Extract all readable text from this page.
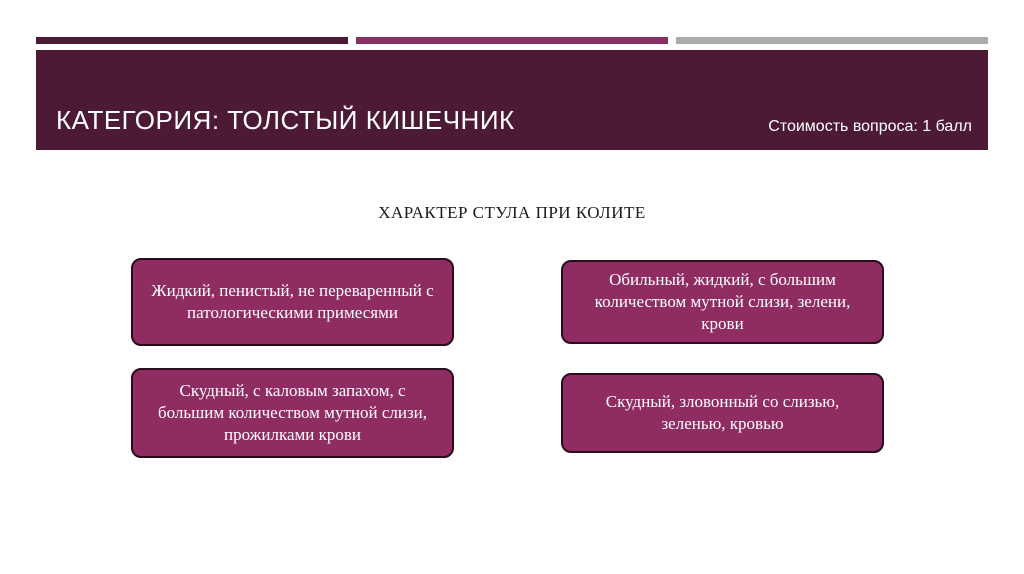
КАТЕГОРИЯ: ТОЛСТЫЙ КИШЕЧНИК	Стоимость вопроса: 1 балл
ХАРАКТЕР СТУЛА ПРИ КОЛИТЕ
Жидкий, пенистый, не переваренный с патологическими примесями
Обильный, жидкий, с большим количеством мутной слизи, зелени, крови
Скудный, с каловым запахом, с большим количеством мутной слизи, прожилками крови
Скудный, зловонный со слизью, зеленью, кровью
